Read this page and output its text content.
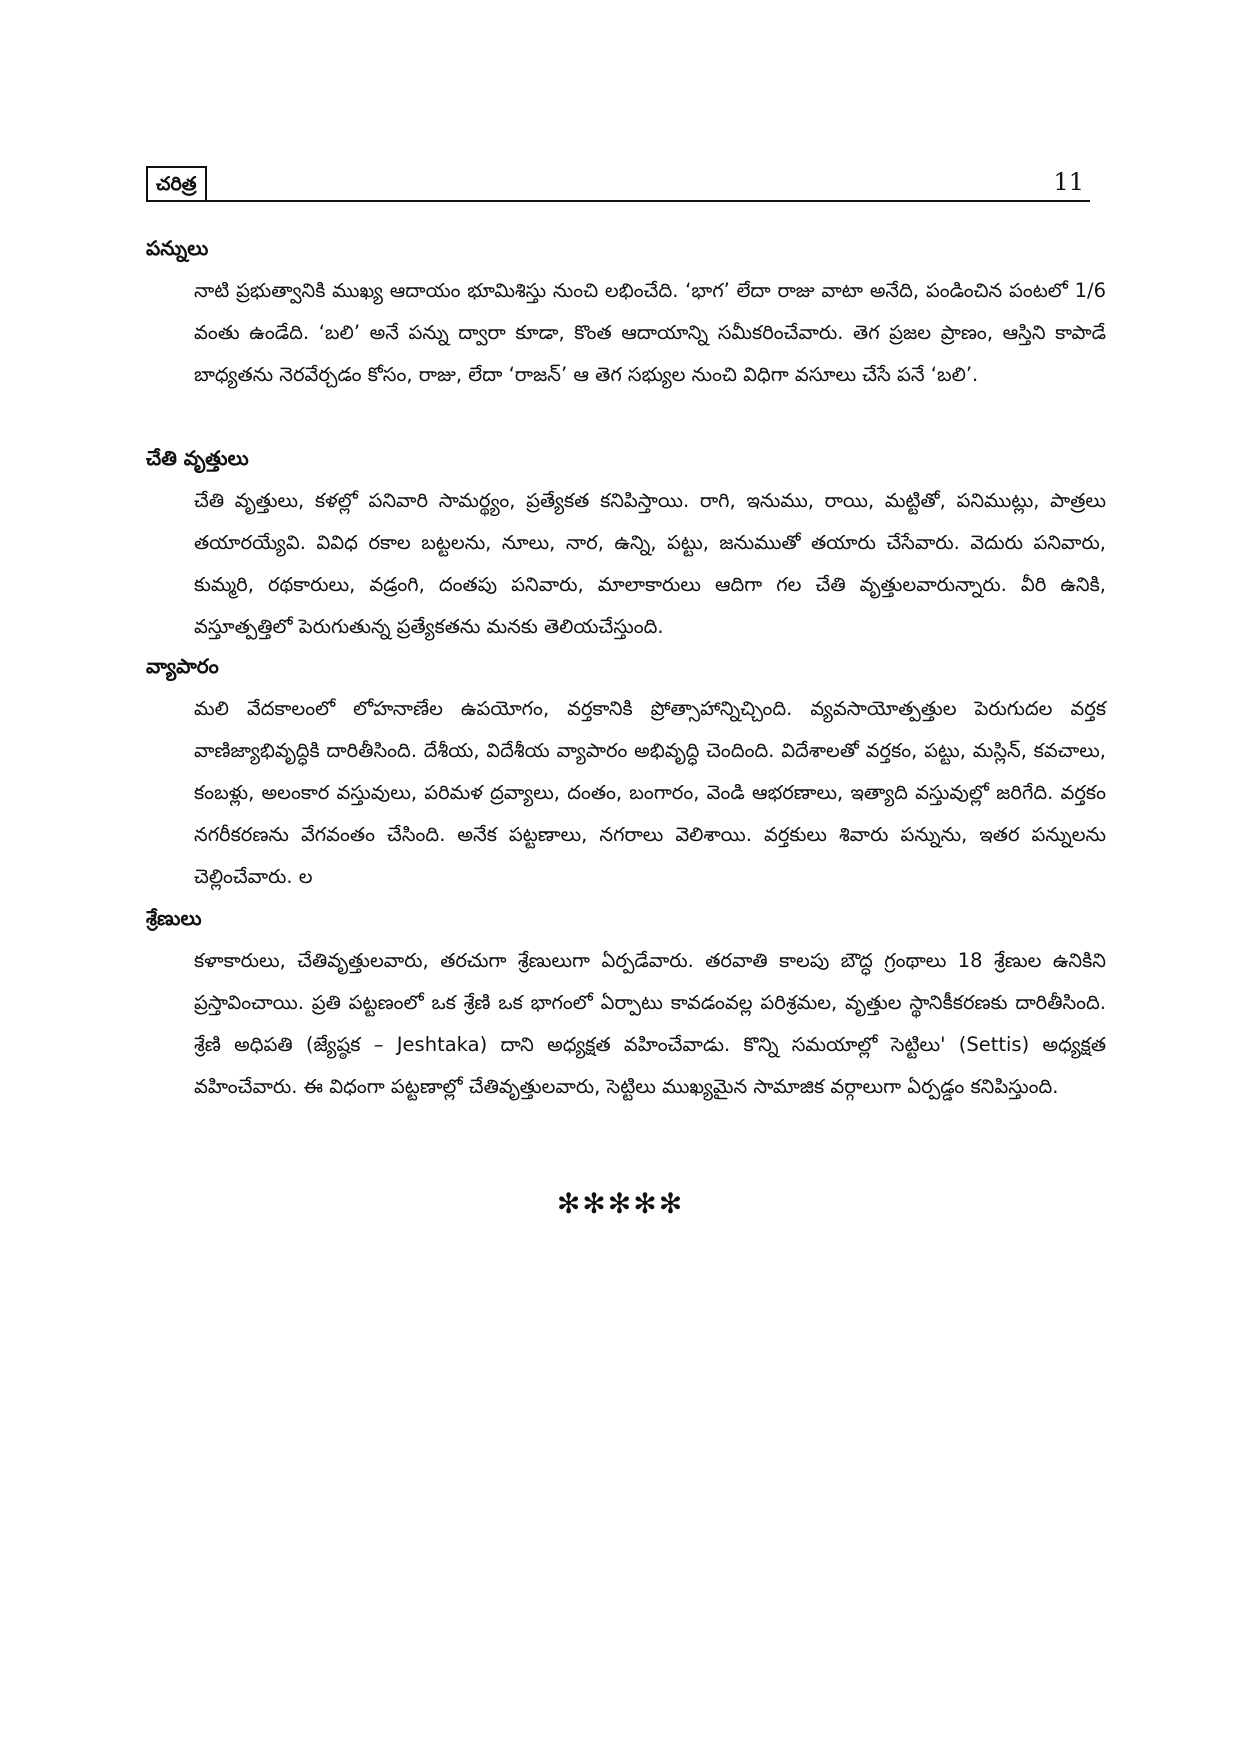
చరిత్ర	11
పన్నులు

నాటి ప్రభుత్వానికి ముఖ్య ఆదాయం భూమిశిస్తు నుంచి లభించేది. ‘భాగ’ లేదా రాజు వాటా అనేది, పండించిన పంటలో 1/6 వంతు ఉండేది. ‘బలి’ అనే పన్ను ద్వారా కూడా, కొంత ఆదాయాన్ని సమీకరించేవారు. తెగ ప్రజల ప్రాణం, ఆస్తిని కాపాడే బాధ్యతను నెరవేర్చడం కోసం, రాజు, లేదా ‘రాజన్’ ఆ తెగ సభ్యుల నుంచి విధిగా వసూలు చేసే పనే ‘బలి’.

చేతి వృత్తులు

చేతి వృత్తులు, కళల్లో పనివారి సామర్థ్యం, ప్రత్యేకత కనిపిస్తాయి. రాగి, ఇనుము, రాయి, మట్టితో, పనిముట్లు, పాత్రలు తయారయ్యేవి. వివిధ రకాల బట్టలను, నూలు, నార, ఉన్ని, పట్టు, జనుముతో తయారు చేసేవారు. వెదురు పనివారు, కుమ్మరి, రథకారులు, వడ్రంగి, దంతపు పనివారు, మాలాకారులు ఆదిగా గల చేతి వృత్తులవారున్నారు. వీరి ఉనికి, వస్తూత్పత్తిలో పెరుగుతున్న ప్రత్యేకతను మనకు తెలియచేస్తుంది.

వ్యాపారం

మలి వేదకాలంలో లోహనాణేల ఉపయోగం, వర్తకానికి ప్రోత్సాహాన్నిచ్చింది. వ్యవసాయోత్పత్తుల పెరుగుదల వర్తక వాణిజ్యాభివృద్ధికి దారితీసింది. దేశీయ, విదేశీయ వ్యాపారం అభివృద్ధి చెందింది. విదేశాలతో వర్తకం, పట్టు, మస్లిన్, కవచాలు, కంబళ్లు, అలంకార వస్తువులు, పరిమళ ద్రవ్యాలు, దంతం, బంగారం, వెండి ఆభరణాలు, ఇత్యాది వస్తువుల్లో జరిగేది. వర్తకం నగరీకరణను వేగవంతం చేసింది. అనేక పట్టణాలు, నగరాలు వెలిశాయి. వర్తకులు శివారు పన్నును, ఇతర పన్నులను చెల్లించేవారు. ల

శ్రేణులు

కళాకారులు, చేతివృత్తులవారు, తరచుగా శ్రేణులుగా ఏర్పడేవారు. తరవాతి కాలపు బౌద్ధ గ్రంథాలు 18 శ్రేణుల ఉనికిని ప్రస్తావించాయి. ప్రతి పట్టణంలో ఒక శ్రేణి ఒక భాగంలో ఏర్పాటు కావడంవల్ల పరిశ్రమల, వృత్తుల స్థానికీకరణకు దారితీసింది. శ్రేణి అధిపతి (జ్యేష్ఠక – Jeshtaka) దాని అధ్యక్షత వహించేవాడు. కొన్ని సమయాల్లో సెట్టిలు' (Settis) అధ్యక్షత వహించేవారు. ఈ విధంగా పట్టణాల్లో చేతివృత్తులవారు, సెట్టిలు ముఖ్యమైన సామాజిక వర్గాలుగా ఏర్పడ్డం కనిపిస్తుంది.

✻✻✻✻✻
